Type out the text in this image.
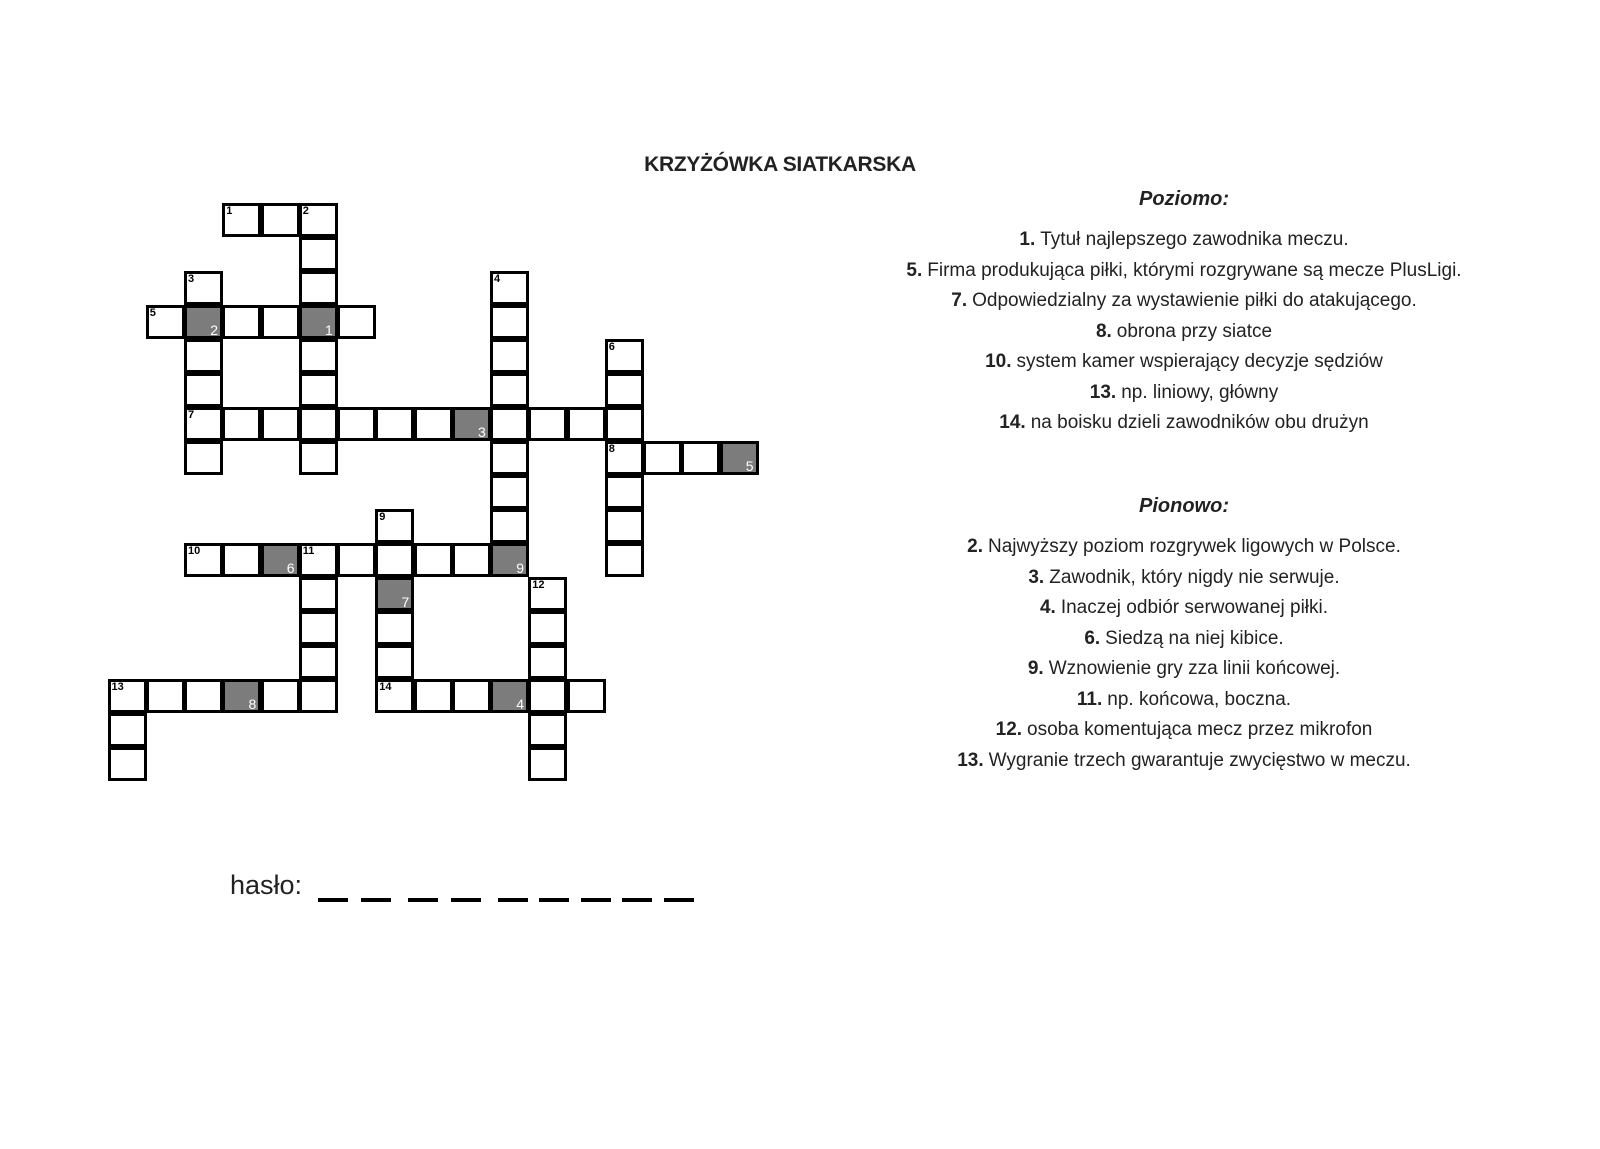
KRZYŻÓWKA SIATKARSKA
1	2
3	4
5
2	1
6
7
3
8
5
9
10
6
11
9
7
12
13
8
14
4
Poziomo:
1. Tytuł najlepszego zawodnika meczu.
5. Firma produkująca piłki, którymi rozgrywane są mecze PlusLigi.
7. Odpowiedzialny za wystawienie piłki do atakującego.
8. obrona przy siatce
10. system kamer wspierający decyzje sędziów
13. np. liniowy, główny
14. na boisku dzieli zawodników obu drużyn
Pionowo:
2. Najwyższy poziom rozgrywek ligowych w Polsce.
3. Zawodnik, który nigdy nie serwuje.
4. Inaczej odbiór serwowanej piłki.
6. Siedzą na niej kibice.
9. Wznowienie gry zza linii końcowej.
11. np. końcowa, boczna.
12. osoba komentująca mecz przez mikrofon
13. Wygranie trzech gwarantuje zwycięstwo w meczu.
hasło:
